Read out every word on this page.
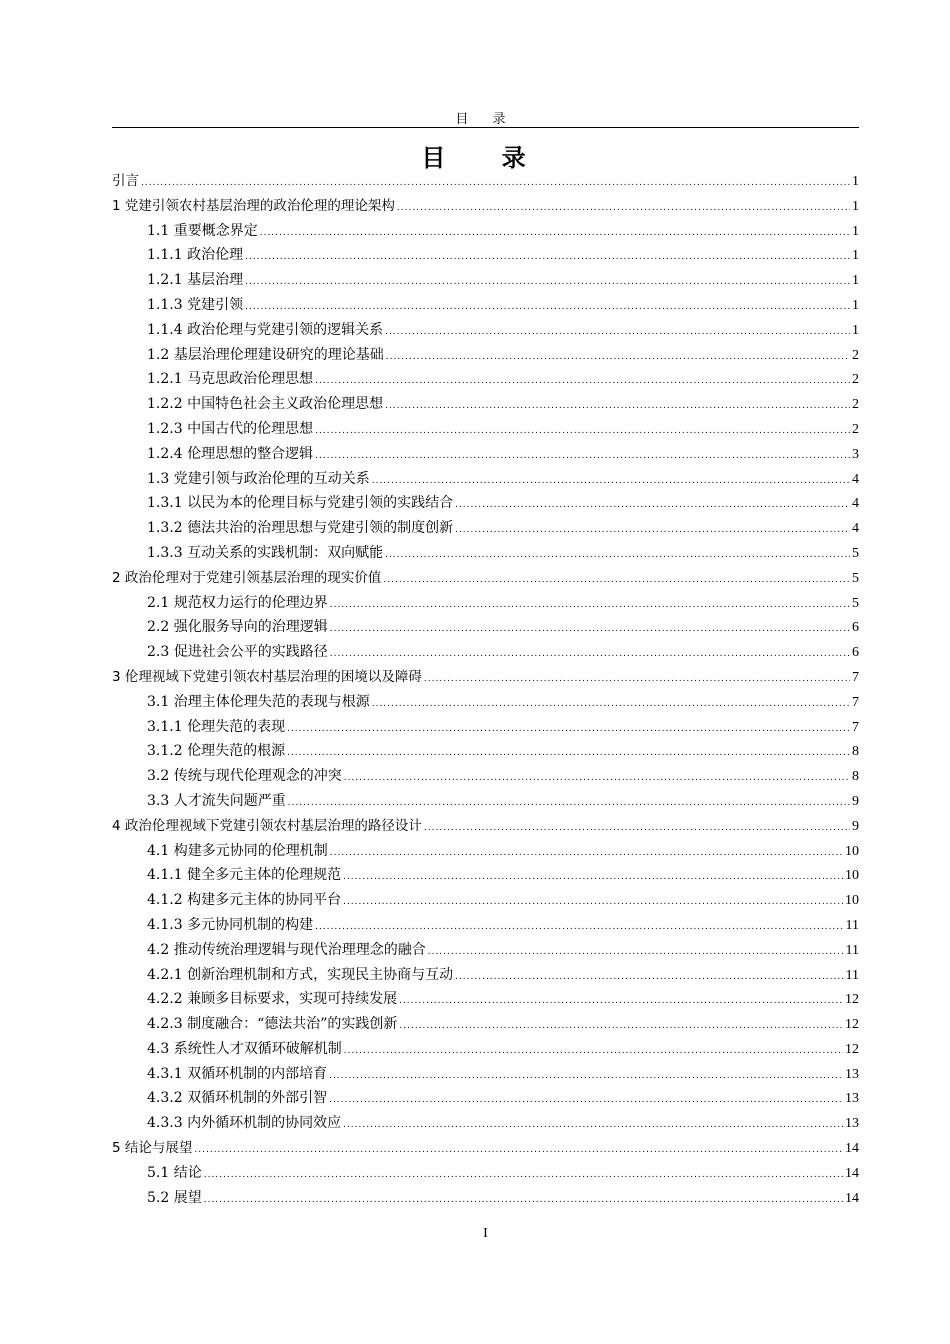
目 录
目 录
引言 .....	1
1 党建引领农村基层治理的政治伦理的理论架构 .....	1
1.1 重要概念界定 .....	1
1.1.1 政治伦理 .....	1
1.2.1 基层治理 .....	1
1.1.3 党建引领 .....	1
1.1.4 政治伦理与党建引领的逻辑关系 .....	1
1.2 基层治理伦理建设研究的理论基础 .....	2
1.2.1 马克思政治伦理思想 .....	2
1.2.2 中国特色社会主义政治伦理思想 .....	2
1.2.3 中国古代的伦理思想 .....	2
1.2.4 伦理思想的整合逻辑 .....	3
1.3 党建引领与政治伦理的互动关系 .....	4
1.3.1 以民为本的伦理目标与党建引领的实践结合 .....	4
1.3.2 德法共治的治理思想与党建引领的制度创新 .....	4
1.3.3 互动关系的实践机制：双向赋能 .....	5
2 政治伦理对于党建引领基层治理的现实价值 .....	5
2.1 规范权力运行的伦理边界 .....	5
2.2 强化服务导向的治理逻辑 .....	6
2.3 促进社会公平的实践路径 .....	6
3 伦理视域下党建引领农村基层治理的困境以及障碍 .....	7
3.1 治理主体伦理失范的表现与根源 .....	7
3.1.1 伦理失范的表现 .....	7
3.1.2 伦理失范的根源 .....	8
3.2 传统与现代伦理观念的冲突 .....	8
3.3 人才流失问题严重 .....	9
4 政治伦理视域下党建引领农村基层治理的路径设计 .....	9
4.1 构建多元协同的伦理机制 .....	10
4.1.1 健全多元主体的伦理规范 .....	10
4.1.2 构建多元主体的协同平台 .....	10
4.1.3 多元协同机制的构建 .....	11
4.2 推动传统治理逻辑与现代治理理念的融合 .....	11
4.2.1 创新治理机制和方式，实现民主协商与互动 .....	11
4.2.2 兼顾多目标要求，实现可持续发展 .....	12
4.2.3 制度融合：“德法共治”的实践创新 .....	12
4.3 系统性人才双循环破解机制 .....	12
4.3.1 双循环机制的内部培育 .....	13
4.3.2 双循环机制的外部引智 .....	13
4.3.3 内外循环机制的协同效应 .....	13
5 结论与展望 .....	14
5.1 结论 .....	14
5.2 展望 .....	14
I
